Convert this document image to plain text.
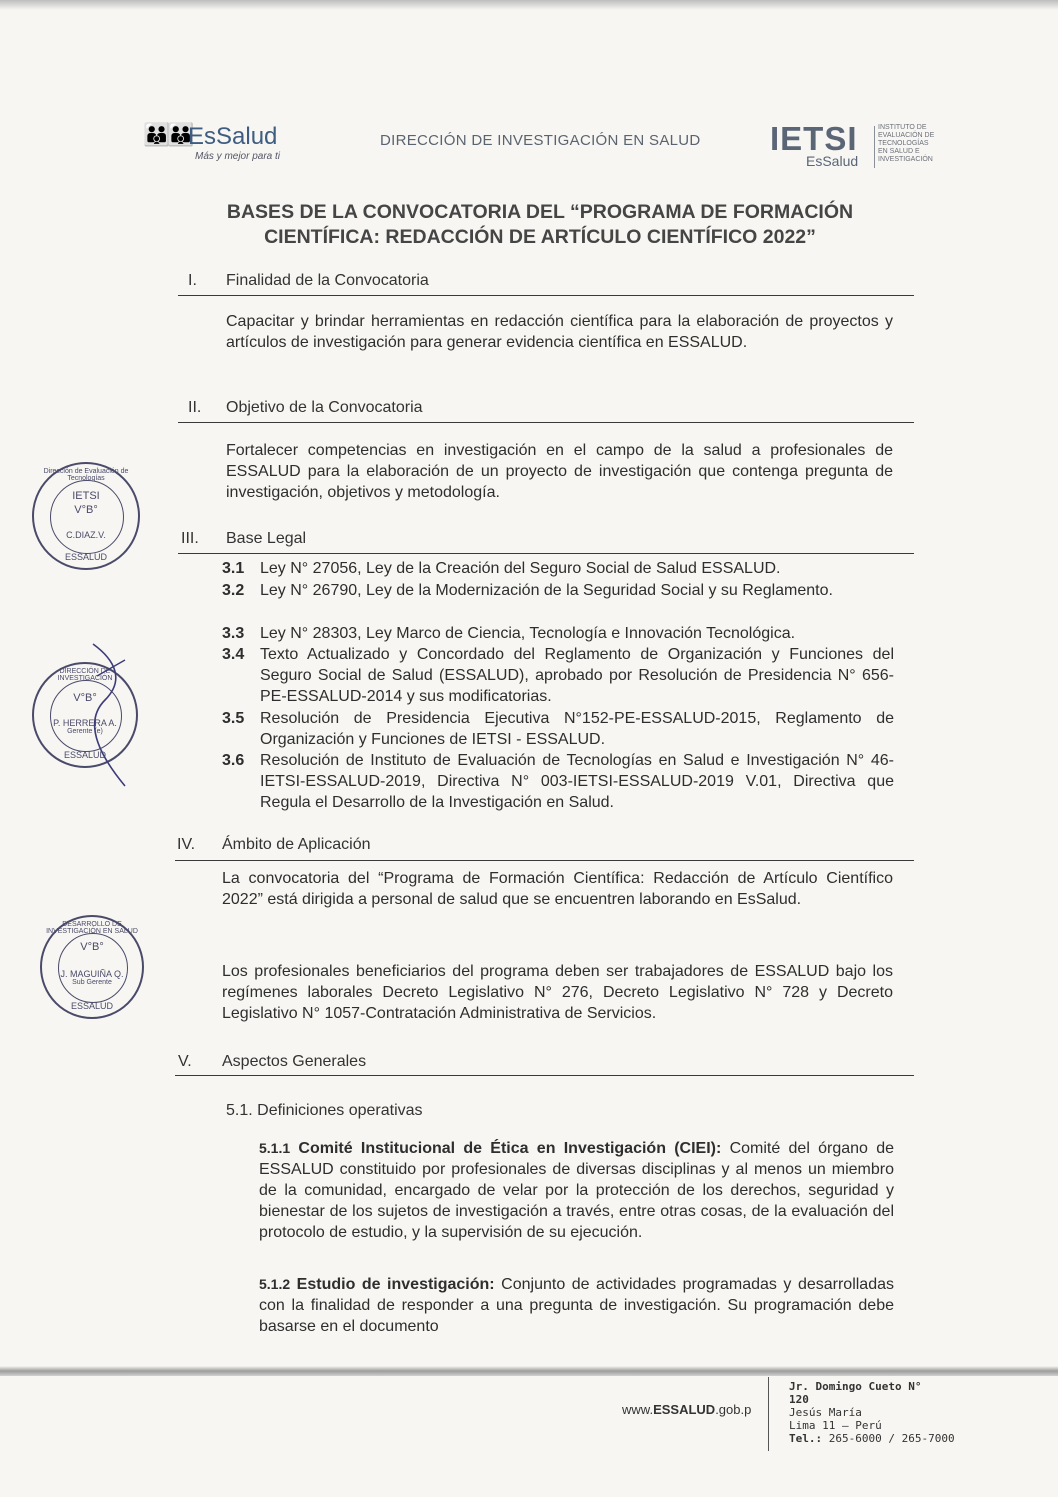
👪👪
EsSalud
Más y mejor para ti
DIRECCIÓN DE INVESTIGACIÓN EN SALUD IETSI
EsSalud
INSTITUTO DE EVALUACIÓN DE TECNOLOGÍAS EN SALUD E INVESTIGACIÓN
BASES DE LA CONVOCATORIA DEL “PROGRAMA DE FORMACIÓN
CIENTÍFICA: REDACCIÓN DE ARTÍCULO CIENTÍFICO 2022”
I. Finalidad de la Convocatoria
Capacitar y brindar herramientas en redacción científica para la elaboración de proyectos y artículos de investigación para generar evidencia científica en ESSALUD.
II. Objetivo de la Convocatoria
Fortalecer competencias en investigación en el campo de la salud a profesionales de ESSALUD para la elaboración de un proyecto de investigación que contenga pregunta de investigación, objetivos y metodología.
III. Base Legal
3.1 Ley N° 27056, Ley de la Creación del Seguro Social de Salud ESSALUD.
3.2 Ley N° 26790, Ley de la Modernización de la Seguridad Social y su Reglamento.
3.3 Ley N° 28303, Ley Marco de Ciencia, Tecnología e Innovación Tecnológica.
3.4 Texto Actualizado y Concordado del Reglamento de Organización y Funciones del Seguro Social de Salud (ESSALUD), aprobado por Resolución de Presidencia N° 656-PE-ESSALUD-2014 y sus modificatorias.
3.5 Resolución de Presidencia Ejecutiva N°152-PE-ESSALUD-2015, Reglamento de Organización y Funciones de IETSI - ESSALUD.
3.6 Resolución de Instituto de Evaluación de Tecnologías en Salud e Investigación N° 46-IETSI-ESSALUD-2019, Directiva N° 003-IETSI-ESSALUD-2019 V.01, Directiva que Regula el Desarrollo de la Investigación en Salud.
IV. Ámbito de Aplicación
La convocatoria del “Programa de Formación Científica: Redacción de Artículo Científico 2022” está dirigida a personal de salud que se encuentren laborando en EsSalud.
Los profesionales beneficiarios del programa deben ser trabajadores de ESSALUD bajo los regímenes laborales Decreto Legislativo N° 276, Decreto Legislativo N° 728 y Decreto Legislativo N° 1057-Contratación Administrativa de Servicios.
V. Aspectos Generales
5.1. Definiciones operativas
5.1.1 Comité Institucional de Ética en Investigación (CIEI): Comité del órgano de ESSALUD constituido por profesionales de diversas disciplinas y al menos un miembro de la comunidad, encargado de velar por la protección de los derechos, seguridad y bienestar de los sujetos de investigación a través, entre otras cosas, de la evaluación del protocolo de estudio, y la supervisión de su ejecución.
5.1.2 Estudio de investigación: Conjunto de actividades programadas y desarrolladas con la finalidad de responder a una pregunta de investigación. Su programación debe basarse en el documento
Dirección de Evaluación de Tecnologías
IETSI
V°B°
C.DIAZ.V.
ESSALUD
DIRECCIÓN DE INVESTIGACIÓN
V°B°
P. HERRERA A.
Gerente (e)
ESSALUD
DESARROLLO DE INVESTIGACIÓN EN SALUD
V°B°
J. MAGUIÑA Q.
Sub Gerente
ESSALUD
www.ESSALUD.gob.p
Jr. Domingo Cueto N°
120
Jesús María
Lima 11 – Perú
Tel.: 265-6000 / 265-7000
